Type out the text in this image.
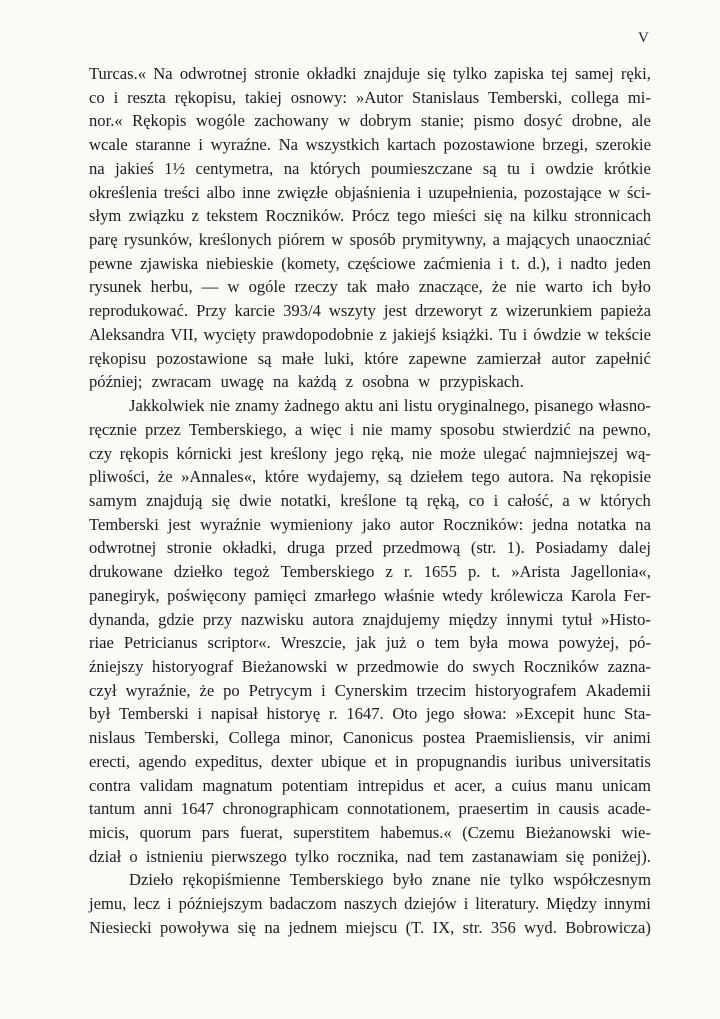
V
Turcas.« Na odwrotnej stronie okładki znajduje się tylko zapiska tej samej ręki,
co i reszta rękopisu, takiej osnowy: »Autor Stanislaus Temberski, collega mi-
nor.« Rękopis wogóle zachowany w dobrym stanie; pismo dosyć drobne, ale
wcale staranne i wyraźne. Na wszystkich kartach pozostawione brzegi, szerokie
na jakieś 1½ centymetra, na których poumieszczane są tu i owdzie krótkie
określenia treści albo inne zwięzłe objaśnienia i uzupełnienia, pozostające w ści-
słym związku z tekstem Roczników. Prócz tego mieści się na kilku stronnicach
parę rysunków, kreślonych piórem w sposób prymitywny, a mających unaoczniać
pewne zjawiska niebieskie (komety, częściowe zaćmienia i t. d.), i nadto jeden
rysunek herbu, — w ogóle rzeczy tak mało znaczące, że nie warto ich było
reprodukować. Przy karcie 393/4 wszyty jest drzeworyt z wizerunkiem papieża
Aleksandra VII, wycięty prawdopodobnie z jakiejś książki. Tu i ówdzie w tekście
rękopisu pozostawione są małe luki, które zapewne zamierzał autor zapełnić
później; zwracam uwagę na każdą z osobna w przypiskach.
Jakkolwiek nie znamy żadnego aktu ani listu oryginalnego, pisanego własno-
ręcznie przez Temberskiego, a więc i nie mamy sposobu stwierdzić na pewno,
czy rękopis kórnicki jest kreślony jego ręką, nie może ulegać najmniejszej wą-
pliwości, że »Annales«, które wydajemy, są dziełem tego autora. Na rękopisie
samym znajdują się dwie notatki, kreślone tą ręką, co i całość, a w których
Temberski jest wyraźnie wymieniony jako autor Roczników: jedna notatka na
odwrotnej stronie okładki, druga przed przedmową (str. 1). Posiadamy dalej
drukowane dziełko tegoż Temberskiego z r. 1655 p. t. »Arista Jagellonia«,
panegiryk, poświęcony pamięci zmarłego właśnie wtedy królewicza Karola Fer-
dynanda, gdzie przy nazwisku autora znajdujemy między innymi tytuł »Histo-
riae Petricianus scriptor«. Wreszcie, jak już o tem była mowa powyżej, pó-
źniejszy historyograf Bieżanowski w przedmowie do swych Roczników zazna-
czył wyraźnie, że po Petrycym i Cynerskim trzecim historyografem Akademii
był Temberski i napisał historyę r. 1647. Oto jego słowa: »Excepit hunc Sta-
nislaus Temberski, Collega minor, Canonicus postea Praemisliensis, vir animi
erecti, agendo expeditus, dexter ubique et in propugnandis iuribus universitatis
contra validam magnatum potentiam intrepidus et acer, a cuius manu unicam
tantum anni 1647 chronographicam connotationem, praesertim in causis acade-
micis, quorum pars fuerat, superstitem habemus.« (Czemu Bieżanowski wie-
dział o istnieniu pierwszego tylko rocznika, nad tem zastanawiam się poniżej).
Dzieło rękopiśmienne Temberskiego było znane nie tylko współczesnym
jemu, lecz i późniejszym badaczom naszych dziejów i literatury. Między innymi
Niesiecki powoływa się na jednem miejscu (T. IX, str. 356 wyd. Bobrowicza)
